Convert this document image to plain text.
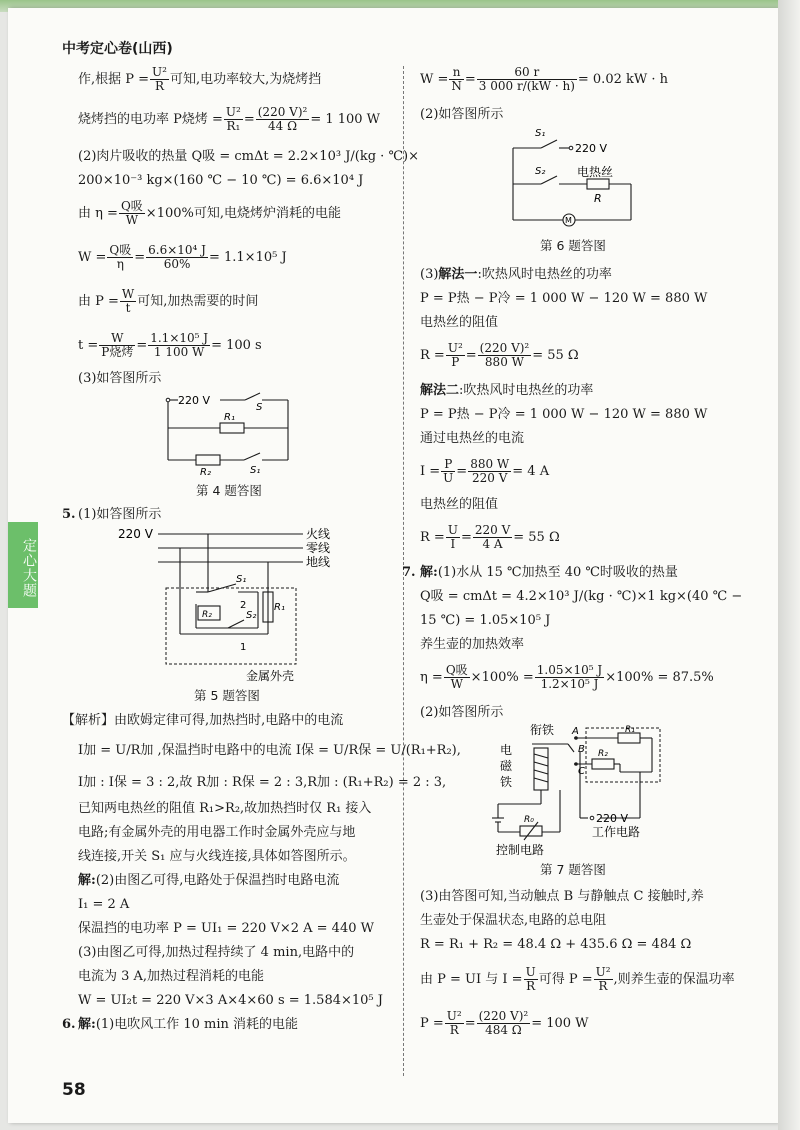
中考定心卷(山西)
定心大题
58
作,根据 $P = \frac{\text{U²}}{R}$ 可知,电功率较大,为烧烤挡
烧烤挡的电功率 P烧烤 = $\frac{\text{U²}}{\text{R₁}} = \frac{\text{(220 V)²}}{44 \Omega} = 1$ 100 W
(2)肉片吸收的热量 Q吸 = cmΔt = 2.2×10³ J/(kg · ℃)×
200×10⁻³ kg×(160 ℃ − 10 ℃) = 6.6×10⁴ J
由 $\eta = \frac{\text{Q吸}}{W} \times 100\%$可知,电烧烤炉消耗的电能
$W = \frac{\text{Q吸}}{\eta} = \frac{\text{6.6×10⁴ J}}{60\%} = 1.1\times 10^5$ J
由 $P = \frac{W}{t}$ 可知,加热需要的时间
$t = \frac{W}{\text{P烧烤}} = \frac{\text{1.1×10⁵ J}}{1 100 W} = 100$ s
(3)如答图所示
220 V
R₁
S
R₂	S₁
第 4 题答图
5. (1)如答图所示
220 V	火线
零线
地线
S₁
S₂
R₁
R₂
2
1
金属外壳
第 5 题答图
【解析】由欧姆定律可得,加热挡时,电路中的电流
I加 = U/R加 ,保温挡时电路中的电流 I保 = U/R保 = U/(R₁+R₂),
I加 : I保 = 3 : 2,故 R加 : R保 = 2 : 3,R加 : (R₁+R₂) = 2 : 3,
已知两电热丝的阻值 R₁>R₂,故加热挡时仅 R₁ 接入
电路;有金属外壳的用电器工作时金属外壳应与地
线连接,开关 S₁ 应与火线连接,具体如答图所示。
解:(2)由图乙可得,电路处于保温挡时电路电流
I₁ = 2 A
保温挡的电功率 P = UI₁ = 220 V×2 A = 440 W
(3)由图乙可得,加热过程持续了 4 min,电路中的
电流为 3 A,加热过程消耗的电能
W = UI₂t = 220 V×3 A×4×60 s = 1.584×10⁵ J
6. 解:(1)电吹风工作 10 min 消耗的电能
$W = \frac{n}{N} = \frac{60 r}{3 000 r/(kW \cdot h)} = 0.02$ kW · h
(2)如答图所示
S₁
220 V
S₂	电热丝
R
M
第 6 题答图
(3)解法一:吹热风时电热丝的功率
P = P热 − P冷 = 1 000 W − 120 W = 880 W
电热丝的阻值
$R = \frac{\text{U²}}{P} = \frac{\text{(220 V)²}}{880 W} = 55$ Ω
解法二:吹热风时电热丝的功率
P = P热 − P冷 = 1 000 W − 120 W = 880 W
通过电热丝的电流
$I = \frac{P}{U} = \frac{880 W}{220 V} = 4$ A
电热丝的阻值
$R = \frac{U}{I} = \frac{220 V}{4 A} = 55$ Ω
7. 解:(1)水从 15 ℃加热至 40 ℃时吸收的热量
Q吸 = cmΔt = 4.2×10³ J/(kg · ℃)×1 kg×(40 ℃ −
15 ℃) = 1.05×10⁵ J
养生壶的加热效率
$\eta = \frac{\text{Q吸}}{W} \times 100\% = \frac{\text{1.05×10⁵ J}}{\text{1.2×10⁵ J}} \times 100\% = 87.5\%$
(2)如答图所示
衔铁
电
磁
铁
A
B
C
R₁
R₂
R₀	220 V
工作电路
控制电路
第 7 题答图
(3)由答图可知,当动触点 B 与静触点 C 接触时,养
生壶处于保温状态,电路的总电阻
R = R₁ + R₂ = 48.4 Ω + 435.6 Ω = 484 Ω
由 P = UI 与 $I = \frac{U}{R}$ 可得 $P = \frac{\text{U²}}{R}$ ,则养生壶的保温功率
$P = \frac{\text{U²}}{R} = \frac{\text{(220 V)²}}{484 \Omega} = 100$ W
